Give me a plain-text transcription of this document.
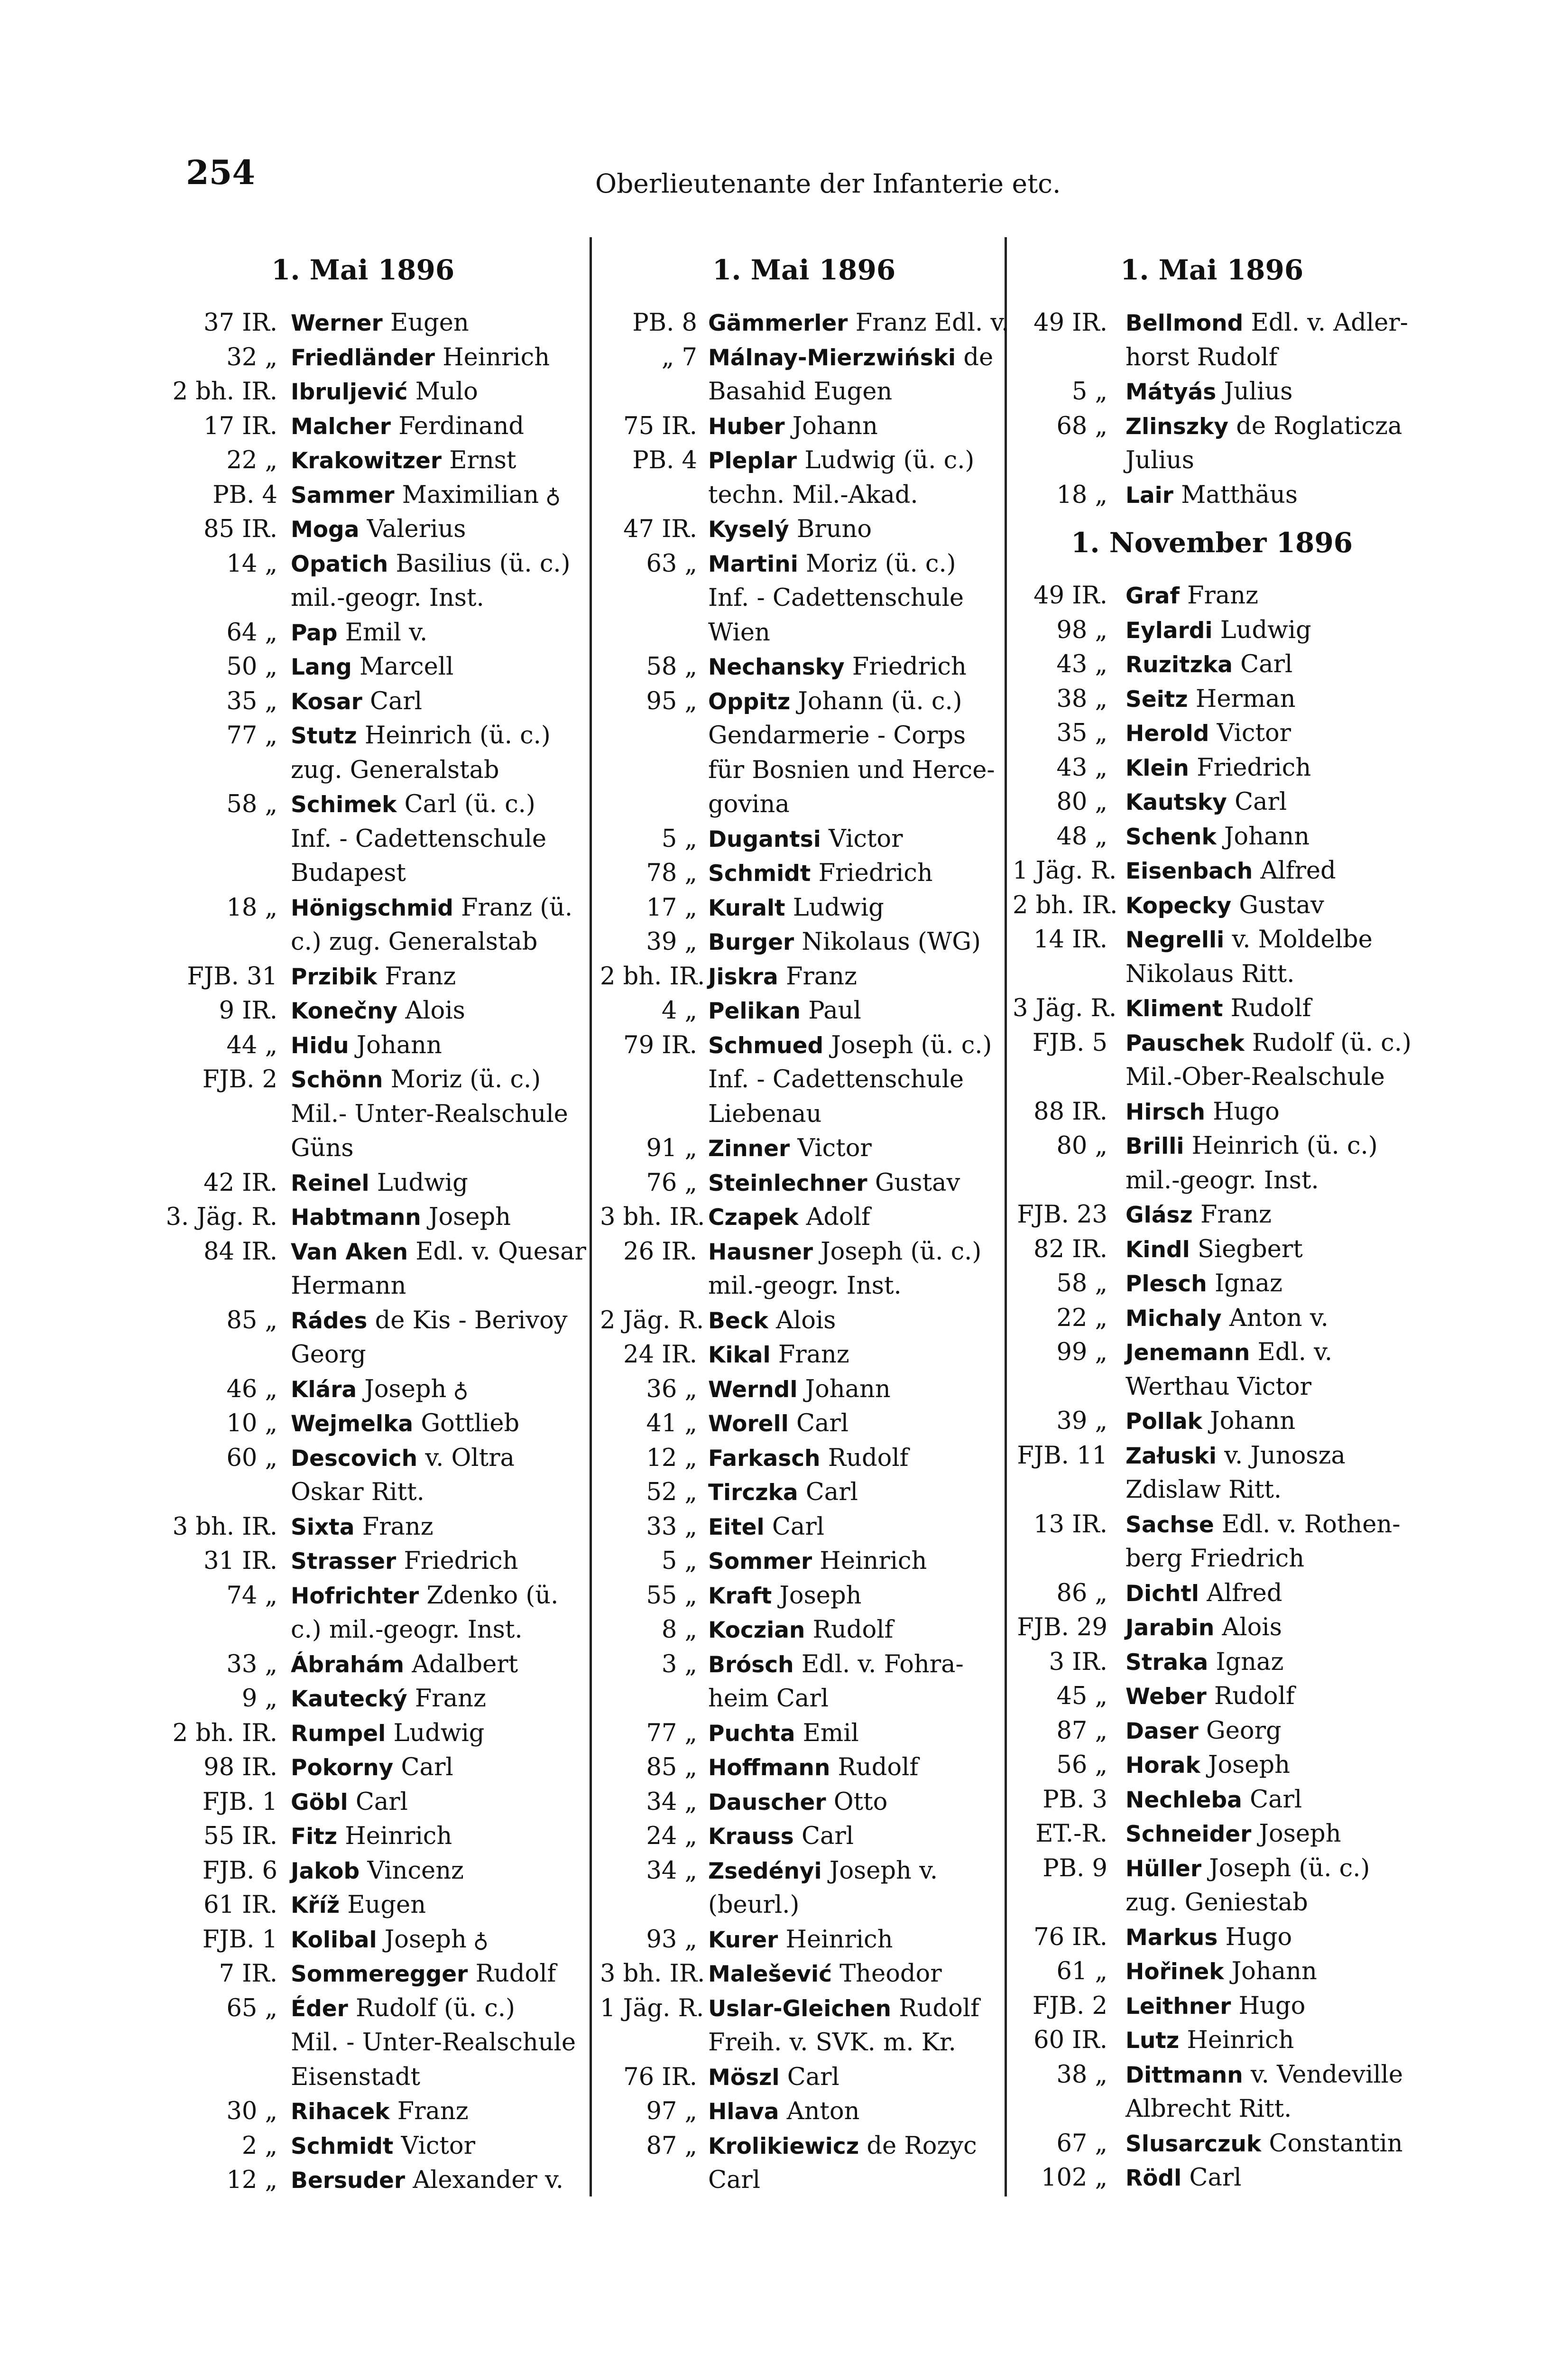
254	Oberlieutenante der Infanterie etc.
1. Mai 1896
37 IR. Werner Eugen
32 „ Friedländer Heinrich
2 bh. IR. Ibruljević Mulo
17 IR. Malcher Ferdinand
22 „ Krakowitzer Ernst
PB. 4 Sammer Maximilian ♁
85 IR. Moga Valerius
14 „ Opatich Basilius (ü. c.)
mil.-geogr. Inst.
64 „ Pap Emil v.
50 „ Lang Marcell
35 „ Kosar Carl
77 „ Stutz Heinrich (ü. c.)
zug. Generalstab
58 „ Schimek Carl (ü. c.)
Inf. - Cadettenschule
Budapest
18 „ Hönigschmid Franz (ü.
c.) zug. Generalstab
FJB. 31 Przibik Franz
9 IR. Konečny Alois
44 „ Hidu Johann
FJB. 2 Schönn Moriz (ü. c.)
Mil.- Unter-Realschule
Güns
42 IR. Reinel Ludwig
3. Jäg. R. Habtmann Joseph
84 IR. Van Aken Edl. v. Quesar
Hermann
85 „ Rádes de Kis - Berivoy
Georg
46 „ Klára Joseph ♁
10 „ Wejmelka Gottlieb
60 „ Descovich v. Oltra
Oskar Ritt.
3 bh. IR. Sixta Franz
31 IR. Strasser Friedrich
74 „ Hofrichter Zdenko (ü.
c.) mil.-geogr. Inst.
33 „ Ábrahám Adalbert
9 „ Kautecký Franz
2 bh. IR. Rumpel Ludwig
98 IR. Pokorny Carl
FJB. 1 Göbl Carl
55 IR. Fitz Heinrich
FJB. 6 Jakob Vincenz
61 IR. Kříž Eugen
FJB. 1 Kolibal Joseph ♁
7 IR. Sommeregger Rudolf
65 „ Éder Rudolf (ü. c.)
Mil. - Unter-Realschule
Eisenstadt
30 „ Rihacek Franz
2 „ Schmidt Victor
12 „ Bersuder Alexander v.
1. Mai 1896
PB. 8 Gämmerler Franz Edl. v.
„ 7 Málnay-Mierzwiński de
Basahid Eugen
75 IR. Huber Johann
PB. 4 Pleplar Ludwig (ü. c.)
techn. Mil.-Akad.
47 IR. Kyselý Bruno
63 „ Martini Moriz (ü. c.)
Inf. - Cadettenschule
Wien
58 „ Nechansky Friedrich
95 „ Oppitz Johann (ü. c.)
Gendarmerie - Corps
für Bosnien und Herce-
govina
5 „ Dugantsi Victor
78 „ Schmidt Friedrich
17 „ Kuralt Ludwig
39 „ Burger Nikolaus (WG)
2 bh. IR. Jiskra Franz
4 „ Pelikan Paul
79 IR. Schmued Joseph (ü. c.)
Inf. - Cadettenschule
Liebenau
91 „ Zinner Victor
76 „ Steinlechner Gustav
3 bh. IR. Czapek Adolf
26 IR. Hausner Joseph (ü. c.)
mil.-geogr. Inst.
2 Jäg. R. Beck Alois
24 IR. Kikal Franz
36 „ Werndl Johann
41 „ Worell Carl
12 „ Farkasch Rudolf
52 „ Tirczka Carl
33 „ Eitel Carl
5 „ Sommer Heinrich
55 „ Kraft Joseph
8 „ Koczian Rudolf
3 „ Brósch Edl. v. Fohra-
heim Carl
77 „ Puchta Emil
85 „ Hoffmann Rudolf
34 „ Dauscher Otto
24 „ Krauss Carl
34 „ Zsedényi Joseph v.
(beurl.)
93 „ Kurer Heinrich
3 bh. IR. Malešević Theodor
1 Jäg. R. Uslar-Gleichen Rudolf
Freih. v. SVK. m. Kr.
76 IR. Möszl Carl
97 „ Hlava Anton
87 „ Krolikiewicz de Rozyc
Carl
1. Mai 1896
49 IR. Bellmond Edl. v. Adler-
horst Rudolf
5 „ Mátyás Julius
68 „ Zlinszky de Roglaticza
Julius
18 „ Lair Matthäus
1. November 1896
49 IR. Graf Franz
98 „ Eylardi Ludwig
43 „ Ruzitzka Carl
38 „ Seitz Herman
35 „ Herold Victor
43 „ Klein Friedrich
80 „ Kautsky Carl
48 „ Schenk Johann
1 Jäg. R. Eisenbach Alfred
2 bh. IR. Kopecky Gustav
14 IR. Negrelli v. Moldelbe
Nikolaus Ritt.
3 Jäg. R. Kliment Rudolf
FJB. 5 Pauschek Rudolf (ü. c.)
Mil.-Ober-Realschule
88 IR. Hirsch Hugo
80 „ Brilli Heinrich (ü. c.)
mil.-geogr. Inst.
FJB. 23 Glász Franz
82 IR. Kindl Siegbert
58 „ Plesch Ignaz
22 „ Michaly Anton v.
99 „ Jenemann Edl. v.
Werthau Victor
39 „ Pollak Johann
FJB. 11 Załuski v. Junosza
Zdislaw Ritt.
13 IR. Sachse Edl. v. Rothen-
berg Friedrich
86 „ Dichtl Alfred
FJB. 29 Jarabin Alois
3 IR. Straka Ignaz
45 „ Weber Rudolf
87 „ Daser Georg
56 „ Horak Joseph
PB. 3 Nechleba Carl
ET.-R. Schneider Joseph
PB. 9 Hüller Joseph (ü. c.)
zug. Geniestab
76 IR. Markus Hugo
61 „ Hořinek Johann
FJB. 2 Leithner Hugo
60 IR. Lutz Heinrich
38 „ Dittmann v. Vendeville
Albrecht Ritt.
67 „ Slusarczuk Constantin
102 „ Rödl Carl
